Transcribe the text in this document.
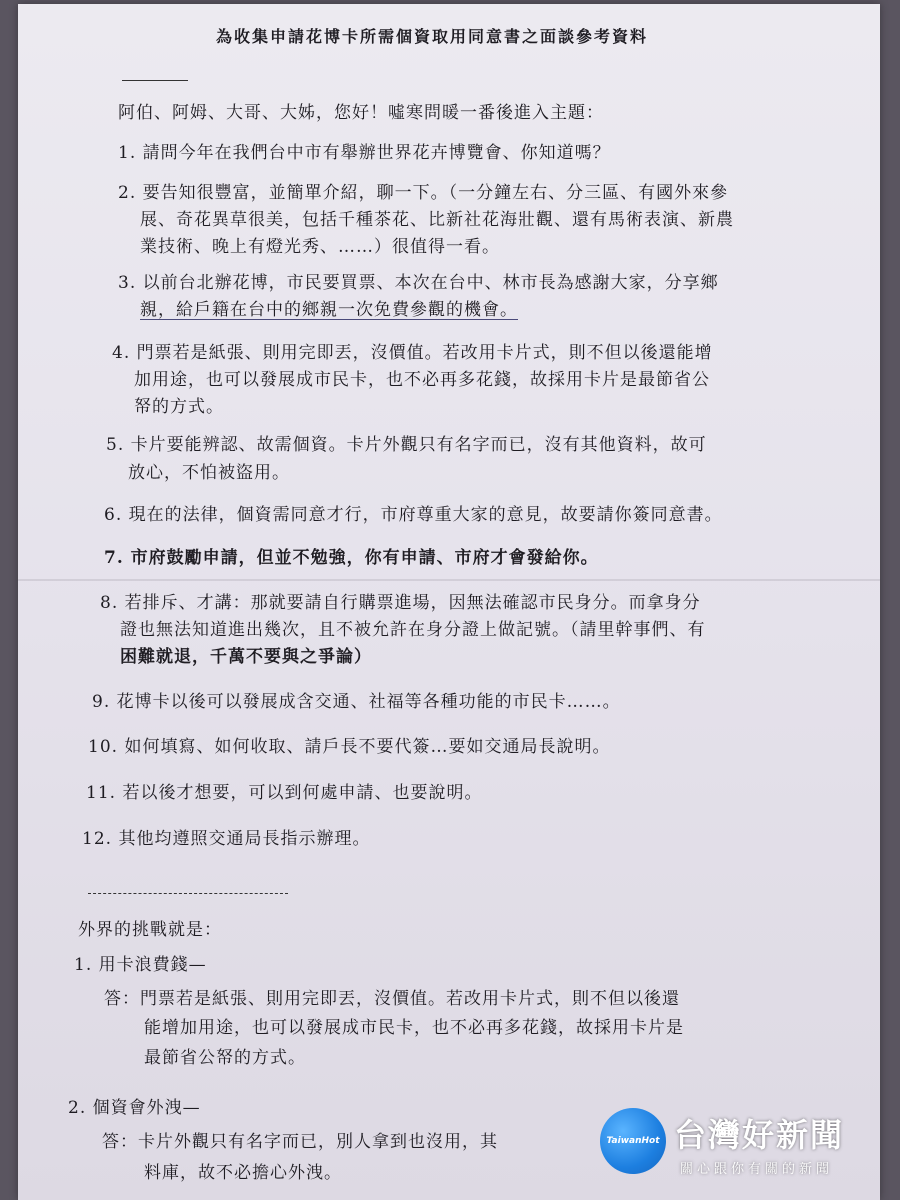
為收集申請花博卡所需個資取用同意書之面談參考資料
阿伯、阿姆、大哥、大姊，您好！噓寒問暖一番後進入主題：
1. 請問今年在我們台中市有舉辦世界花卉博覽會、你知道嗎？
2. 要告知很豐富，並簡單介紹，聊一下。（一分鐘左右、分三區、有國外來參
展、奇花異草很美，包括千種茶花、比新社花海壯觀、還有馬術表演、新農
業技術、晚上有燈光秀、……）很值得一看。
3. 以前台北辦花博，市民要買票、本次在台中、林市長為感謝大家，分享鄉
親，給戶籍在台中的鄉親一次免費參觀的機會。
4. 門票若是紙張、則用完即丟，沒價值。若改用卡片式，則不但以後還能增
加用途，也可以發展成市民卡，也不必再多花錢，故採用卡片是最節省公
帑的方式。
5. 卡片要能辨認、故需個資。卡片外觀只有名字而已，沒有其他資料，故可
放心，不怕被盜用。
6. 現在的法律，個資需同意才行，市府尊重大家的意見，故要請你簽同意書。
7. 市府鼓勵申請，但並不勉強，你有申請、市府才會發給你。
8. 若排斥、才講：那就要請自行購票進場，因無法確認市民身分。而拿身分
證也無法知道進出幾次，且不被允許在身分證上做記號。（請里幹事們、有
困難就退，千萬不要與之爭論）
9. 花博卡以後可以發展成含交通、社福等各種功能的市民卡……。
10. 如何填寫、如何收取、請戶長不要代簽…要如交通局長說明。
11. 若以後才想要，可以到何處申請、也要說明。
12. 其他均遵照交通局長指示辦理。
外界的挑戰就是：
1. 用卡浪費錢—
答：門票若是紙張、則用完即丟，沒價值。若改用卡片式，則不但以後還
能增加用途，也可以發展成市民卡，也不必再多花錢，故採用卡片是
最節省公帑的方式。
2. 個資會外洩—
答：卡片外觀只有名字而已，別人拿到也沒用，其
料庫，故不必擔心外洩。
TaiwanHot 台灣好新聞
關心跟你有關的新聞
